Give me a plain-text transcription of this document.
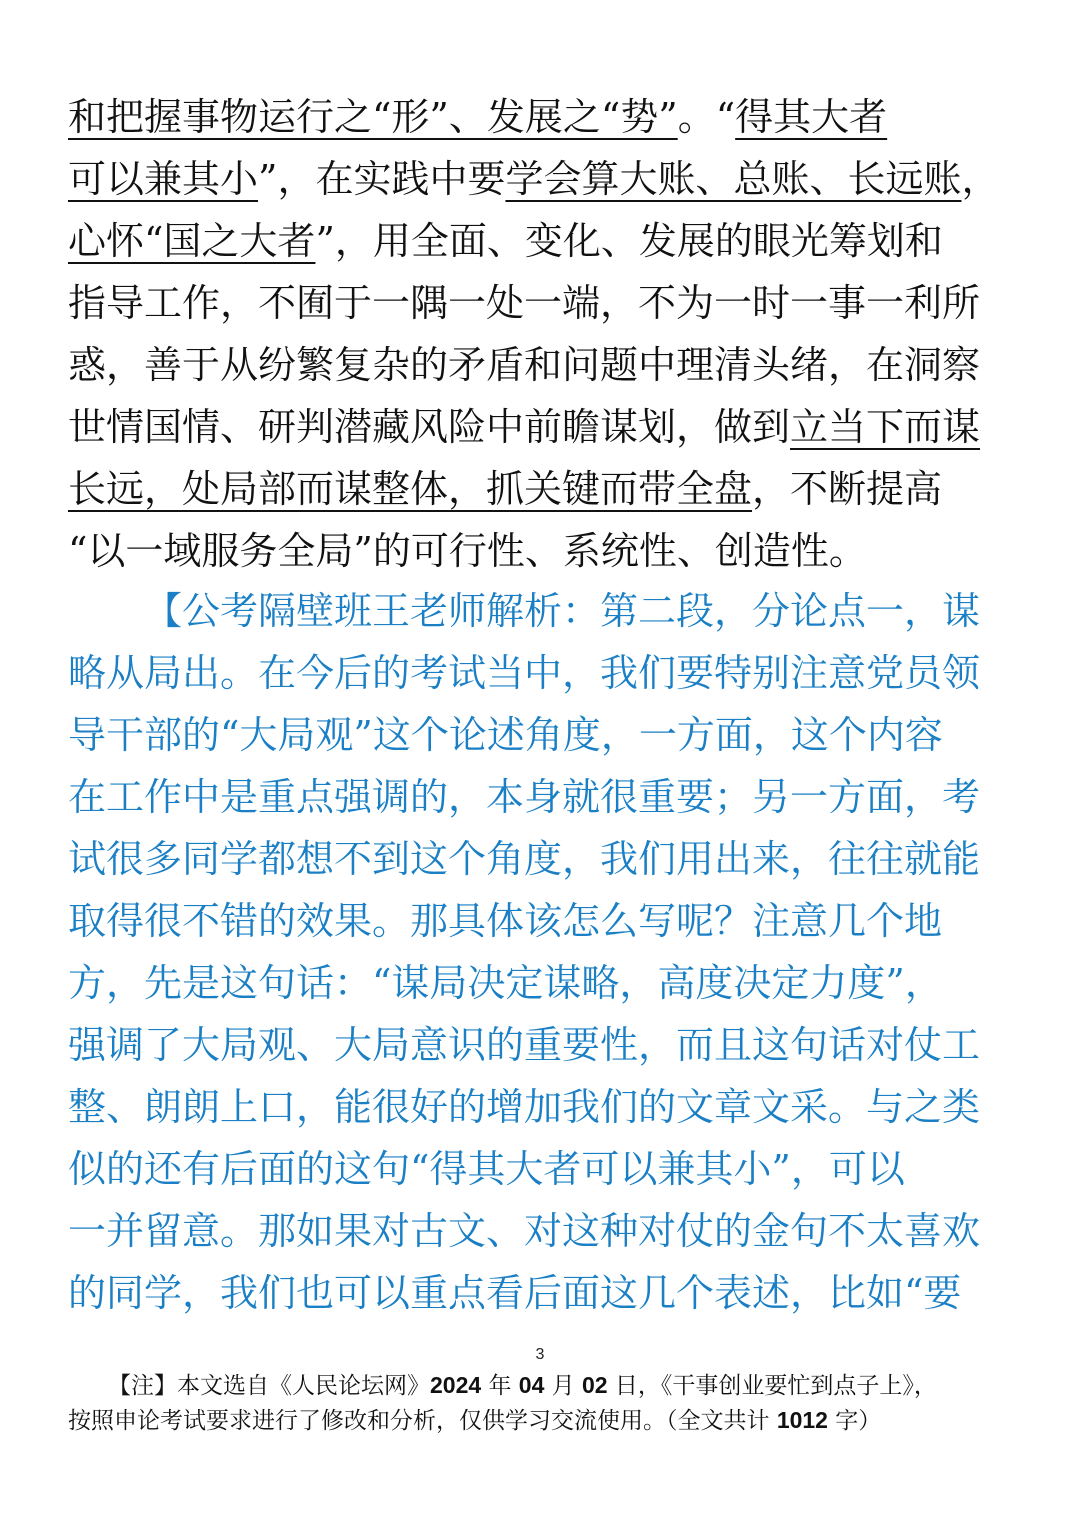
和把握事物运行之“形”、发展之“势”。“得其大者
可以兼其小”，在实践中要学会算大账、总账、长远账，
心怀“国之大者”，用全面、变化、发展的眼光筹划和
指导工作，不囿于一隅一处一端，不为一时一事一利所
惑，善于从纷繁复杂的矛盾和问题中理清头绪，在洞察
世情国情、研判潜藏风险中前瞻谋划，做到立当下而谋
长远，处局部而谋整体，抓关键而带全盘，不断提高
“以一域服务全局”的可行性、系统性、创造性。
【公考隔壁班王老师解析：第二段，分论点一，谋
略从局出。在今后的考试当中，我们要特别注意党员领
导干部的“大局观”这个论述角度，一方面，这个内容
在工作中是重点强调的，本身就很重要；另一方面，考
试很多同学都想不到这个角度，我们用出来，往往就能
取得很不错的效果。那具体该怎么写呢？注意几个地
方，先是这句话：“谋局决定谋略，高度决定力度”，
强调了大局观、大局意识的重要性，而且这句话对仗工
整、朗朗上口，能很好的增加我们的文章文采。与之类
似的还有后面的这句“得其大者可以兼其小”，可以
一并留意。那如果对古文、对这种对仗的金句不太喜欢
的同学，我们也可以重点看后面这几个表述，比如“要
3
【注】本文选自《人民论坛网》2024 年 04 月 02 日，《干事创业要忙到点子上》，
按照申论考试要求进行了修改和分析，仅供学习交流使用。（全文共计 1012 字）
